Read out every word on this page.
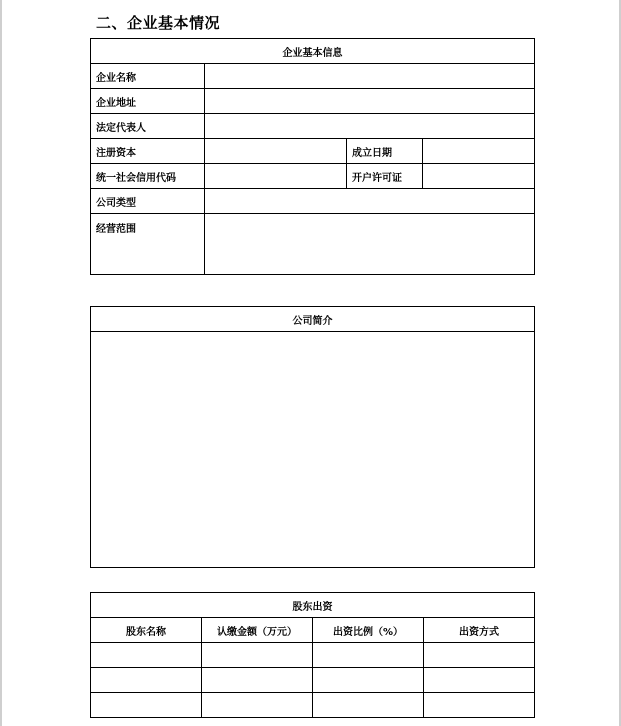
二、企业基本情况
企业基本信息			
企业名称			
企业地址			
法定代表人			
注册资本		成立日期	
统一社会信用代码		开户许可证	
公司类型			
经营范围			
公司简介

股东出资			
股东名称	认缴金额（万元）	出资比例（%）	出资方式
